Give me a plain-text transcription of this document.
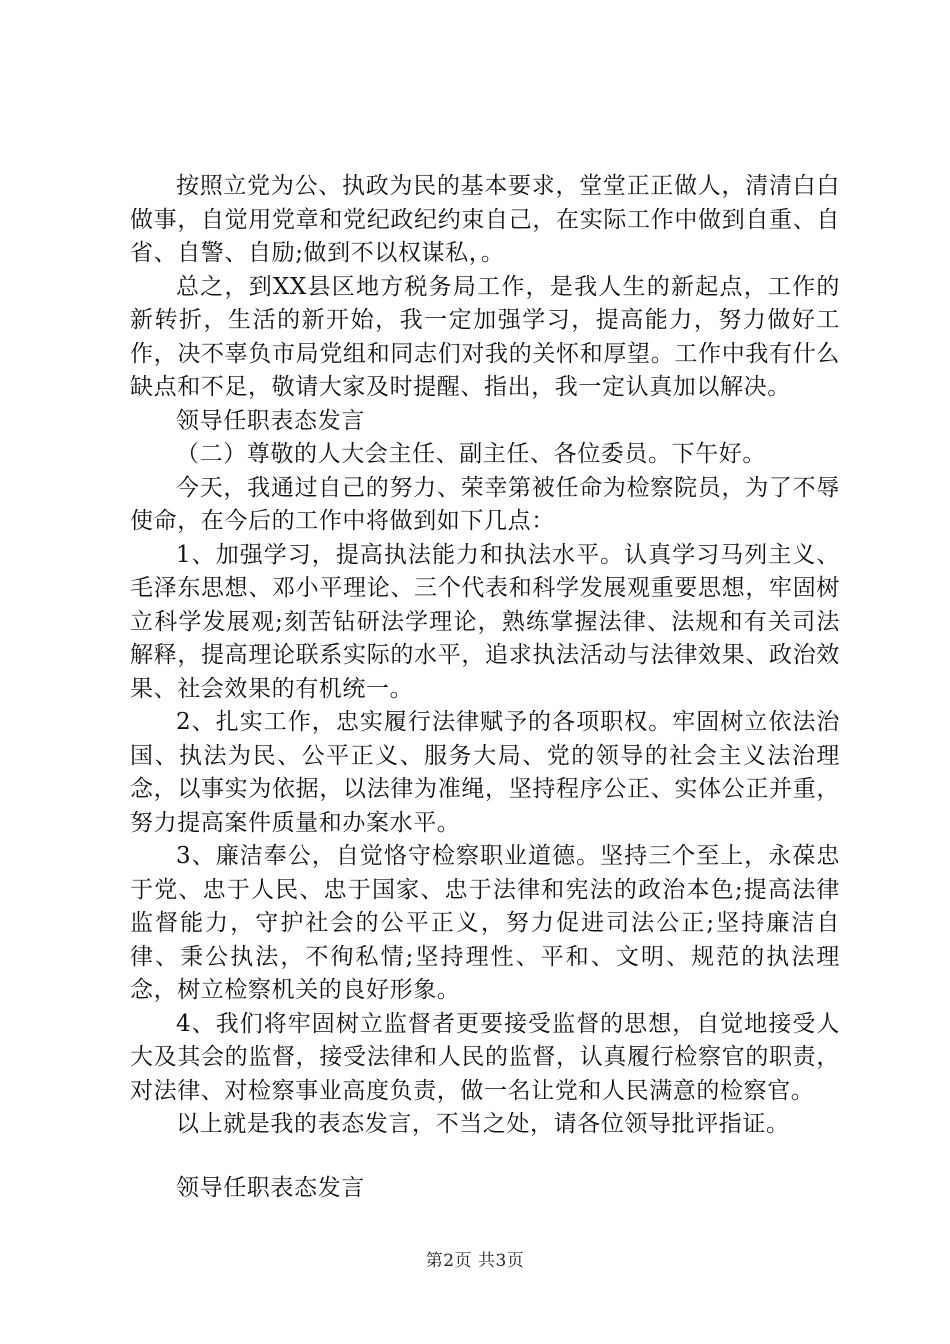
按照立党为公、执政为民的基本要求，堂堂正正做人，清清白白做事，自觉用党章和党纪政纪约束自己，在实际工作中做到自重、自省、自警、自励;做到不以权谋私，。

总之，到XX县区地方税务局工作，是我人生的新起点，工作的新转折，生活的新开始，我一定加强学习，提高能力，努力做好工作，决不辜负市局党组和同志们对我的关怀和厚望。工作中我有什么缺点和不足，敬请大家及时提醒、指出，我一定认真加以解决。

领导任职表态发言

（二）尊敬的人大会主任、副主任、各位委员。下午好。

今天，我通过自己的努力、荣幸第被任命为检察院员，为了不辱使命，在今后的工作中将做到如下几点：

1、加强学习，提高执法能力和执法水平。认真学习马列主义、毛泽东思想、邓小平理论、三个代表和科学发展观重要思想，牢固树立科学发展观;刻苦钻研法学理论，熟练掌握法律、法规和有关司法解释，提高理论联系实际的水平，追求执法活动与法律效果、政治效果、社会效果的有机统一。

2、扎实工作，忠实履行法律赋予的各项职权。牢固树立依法治国、执法为民、公平正义、服务大局、党的领导的社会主义法治理念，以事实为依据，以法律为准绳，坚持程序公正、实体公正并重，努力提高案件质量和办案水平。

3、廉洁奉公，自觉恪守检察职业道德。坚持三个至上，永葆忠于党、忠于人民、忠于国家、忠于法律和宪法的政治本色;提高法律监督能力，守护社会的公平正义，努力促进司法公正;坚持廉洁自律、秉公执法，不徇私情;坚持理性、平和、文明、规范的执法理念，树立检察机关的良好形象。

4、我们将牢固树立监督者更要接受监督的思想，自觉地接受人大及其会的监督，接受法律和人民的监督，认真履行检察官的职责，对法律、对检察事业高度负责，做一名让党和人民满意的检察官。

以上就是我的表态发言，不当之处，请各位领导批评指证。

领导任职表态发言

第2页 共3页
